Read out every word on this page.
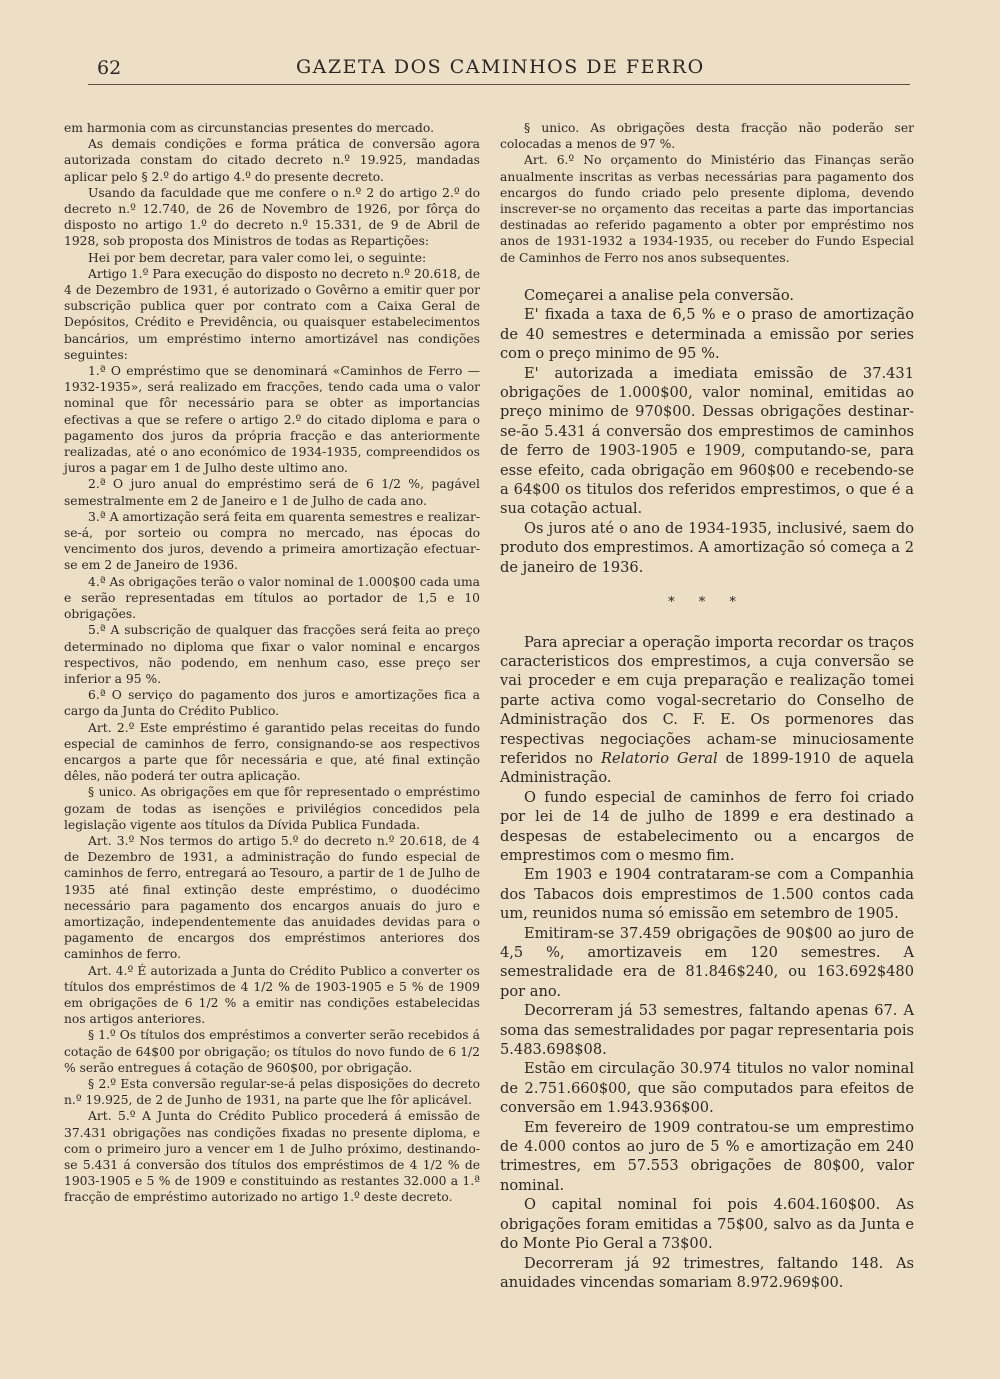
62	GAZETA DOS CAMINHOS DE FERRO

em harmonia com as circunstancias presentes do mercado.

As demais condições e forma prática de conversão agora autorizada constam do citado decreto n.º 19.925, mandadas aplicar pelo § 2.º do artigo 4.º do presente decreto.

Usando da faculdade que me confere o n.º 2 do artigo 2.º do decreto n.º 12.740, de 26 de Novembro de 1926, por fôrça do disposto no artigo 1.º do decreto n.º 15.331, de 9 de Abril de 1928, sob proposta dos Ministros de todas as Repartições:

Hei por bem decretar, para valer como lei, o seguinte:

Artigo 1.º Para execução do disposto no decreto n.º 20.618, de 4 de Dezembro de 1931, é autorizado o Govêrno a emitir quer por subscrição publica quer por contrato com a Caixa Geral de Depósitos, Crédito e Previdência, ou quaisquer estabelecimentos bancários, um empréstimo interno amortizável nas condições seguintes:

1.ª O empréstimo que se denominará «Caminhos de Ferro — 1932-1935», será realizado em fracções, tendo cada uma o valor nominal que fôr necessário para se obter as importancias efectivas a que se refere o artigo 2.º do citado diploma e para o pagamento dos juros da própria fracção e das anteriormente realizadas, até o ano económico de 1934-1935, compreendidos os juros a pagar em 1 de Julho deste ultimo ano.

2.ª O juro anual do empréstimo será de 6 1/2 %, pagável semestralmente em 2 de Janeiro e 1 de Julho de cada ano.

3.ª A amortização será feita em quarenta semestres e realizar-se-á, por sorteio ou compra no mercado, nas épocas do vencimento dos juros, devendo a primeira amortização efectuar-se em 2 de Janeiro de 1936.

4.ª As obrigações terão o valor nominal de 1.000$00 cada uma e serão representadas em títulos ao portador de 1,5 e 10 obrigações.

5.ª A subscrição de qualquer das fracções será feita ao preço determinado no diploma que fixar o valor nominal e encargos respectivos, não podendo, em nenhum caso, esse preço ser inferior a 95 %.

6.ª O serviço do pagamento dos juros e amortizações fica a cargo da Junta do Crédito Publico.

Art. 2.º Este empréstimo é garantido pelas receitas do fundo especial de caminhos de ferro, consignando-se aos respectivos encargos a parte que fôr necessária e que, até final extinção dêles, não poderá ter outra aplicação.

§ unico. As obrigações em que fôr representado o empréstimo gozam de todas as isenções e privilégios concedidos pela legislação vigente aos títulos da Dívida Publica Fundada.

Art. 3.º Nos termos do artigo 5.º do decreto n.º 20.618, de 4 de Dezembro de 1931, a administração do fundo especial de caminhos de ferro, entregará ao Tesouro, a partir de 1 de Julho de 1935 até final extinção deste empréstimo, o duodécimo necessário para pagamento dos encargos anuais do juro e amortização, independentemente das anuidades devidas para o pagamento de encargos dos empréstimos anteriores dos caminhos de ferro.

Art. 4.º É autorizada a Junta do Crédito Publico a converter os títulos dos empréstimos de 4 1/2 % de 1903-1905 e 5 % de 1909 em obrigações de 6 1/2 % a emitir nas condições estabelecidas nos artigos anteriores.

§ 1.º Os títulos dos empréstimos a converter serão recebidos á cotação de 64$00 por obrigação; os títulos do novo fundo de 6 1/2 % serão entregues á cotação de 960$00, por obrigação.

§ 2.º Esta conversão regular-se-á pelas disposições do decreto n.º 19.925, de 2 de Junho de 1931, na parte que lhe fôr aplicável.

Art. 5.º A Junta do Crédito Publico procederá á emissão de 37.431 obrigações nas condições fixadas no presente diploma, e com o primeiro juro a vencer em 1 de Julho próximo, destinando-se 5.431 á conversão dos títulos dos empréstimos de 4 1/2 % de 1903-1905 e 5 % de 1909 e constituindo as restantes 32.000 a 1.ª fracção de empréstimo autorizado no artigo 1.º deste decreto.

§ unico. As obrigações desta fracção não poderão ser colocadas a menos de 97 %.

Art. 6.º No orçamento do Ministério das Finanças serão anualmente inscritas as verbas necessárias para pagamento dos encargos do fundo criado pelo presente diploma, devendo inscrever-se no orçamento das receitas a parte das importancias destinadas ao referido pagamento a obter por empréstimo nos anos de 1931-1932 a 1934-1935, ou receber do Fundo Especial de Caminhos de Ferro nos anos subsequentes.

Começarei a analise pela conversão.

E' fixada a taxa de 6,5 % e o praso de amortização de 40 semestres e determinada a emissão por series com o preço minimo de 95 %.

E' autorizada a imediata emissão de 37.431 obrigações de 1.000$00, valor nominal, emitidas ao preço minimo de 970$00. Dessas obrigações destinar-se-ão 5.431 á conversão dos emprestimos de caminhos de ferro de 1903-1905 e 1909, computando-se, para esse efeito, cada obrigação em 960$00 e recebendo-se a 64$00 os titulos dos referidos emprestimos, o que é a sua cotação actual.

Os juros até o ano de 1934-1935, inclusivé, saem do produto dos emprestimos. A amortização só começa a 2 de janeiro de 1936.

* * *

Para apreciar a operação importa recordar os traços caracteristicos dos emprestimos, a cuja conversão se vai proceder e em cuja preparação e realização tomei parte activa como vogal-secretario do Conselho de Administração dos C. F. E. Os pormenores das respectivas negociações acham-se minuciosamente referidos no Relatorio Geral de 1899-1910 de aquela Administração.

O fundo especial de caminhos de ferro foi criado por lei de 14 de julho de 1899 e era destinado a despesas de estabelecimento ou a encargos de emprestimos com o mesmo fim.

Em 1903 e 1904 contrataram-se com a Companhia dos Tabacos dois emprestimos de 1.500 contos cada um, reunidos numa só emissão em setembro de 1905.

Emitiram-se 37.459 obrigações de 90$00 ao juro de 4,5 %, amortizaveis em 120 semestres. A semestralidade era de 81.846$240, ou 163.692$480 por ano.

Decorreram já 53 semestres, faltando apenas 67. A soma das semestralidades por pagar representaria pois 5.483.698$08.

Estão em circulação 30.974 titulos no valor nominal de 2.751.660$00, que são computados para efeitos de conversão em 1.943.936$00.

Em fevereiro de 1909 contratou-se um emprestimo de 4.000 contos ao juro de 5 % e amortização em 240 trimestres, em 57.553 obrigações de 80$00, valor nominal.

O capital nominal foi pois 4.604.160$00. As obrigações foram emitidas a 75$00, salvo as da Junta e do Monte Pio Geral a 73$00.

Decorreram já 92 trimestres, faltando 148. As anuidades vincendas somariam 8.972.969$00.
